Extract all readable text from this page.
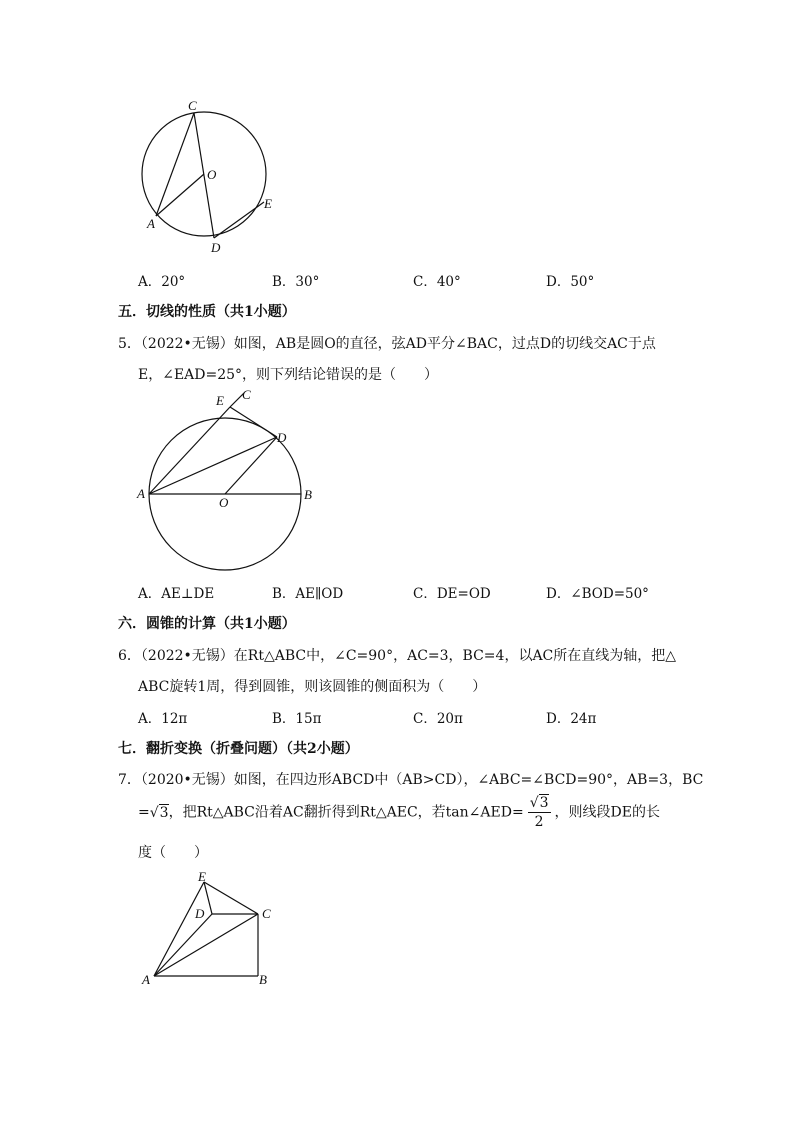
C
O
E
A
D
A．20°	B．30°	C．40°	D．50°
五．切线的性质（共1小题）
5．（2022•无锡）如图，AB是圆O的直径，弦AD平分∠BAC，过点D的切线交AC于点
E，∠EAD=25°，则下列结论错误的是（　　）
E C
D
A
O
B
A．AE⊥DE	B．AE∥OD	C．DE=OD	D．∠BOD=50°
六．圆锥的计算（共1小题）
6．（2022•无锡）在Rt△ABC中，∠C=90°，AC=3，BC=4，以AC所在直线为轴，把△
ABC旋转1周，得到圆锥，则该圆锥的侧面积为（　　）
A．12π	B．15π	C．20π	D．24π
七．翻折变换（折叠问题）（共2小题）
7．（2020•无锡）如图，在四边形ABCD中（AB>CD），∠ABC=∠BCD=90°，AB=3，BC
=√3，把Rt△ABC沿着AC翻折得到Rt△AEC，若tan∠AED= $\frac{√3}{2}$ ，则线段DE的长
度（　　）
E
D	C
A	B
